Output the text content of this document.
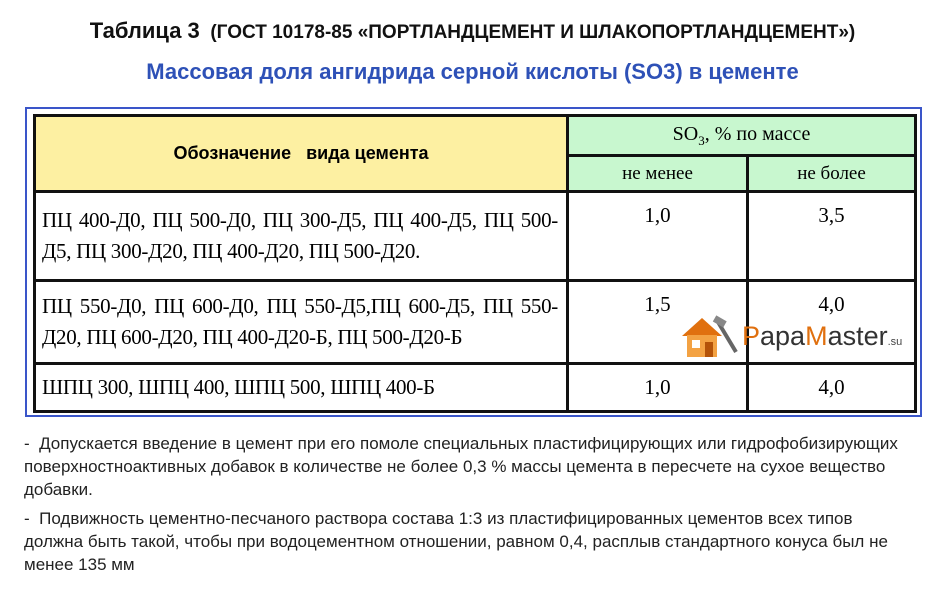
Таблица 3 (ГОСТ 10178-85 «ПОРТЛАНДЦЕМЕНТ И ШЛАКОПОРТЛАНДЦЕМЕНТ»)
Массовая доля ангидрида серной кислоты (SO3) в цементе
Обозначение   вида цемента	$SO_3$, % по массе	
	не менее	не более
ПЦ 400-Д0, ПЦ 500-Д0, ПЦ 300-Д5, ПЦ 400-Д5, ПЦ 500-Д5, ПЦ 300-Д20, ПЦ 400-Д20, ПЦ 500-Д20.	1,0	3,5

ПЦ 550-Д0, ПЦ 600-Д0, ПЦ 550-Д5,ПЦ 600-Д5, ПЦ 550-Д20, ПЦ 600-Д20, ПЦ 400-Д20-Б, ПЦ 500-Д20-Б	1,5	4,0

ШПЦ 300, ШПЦ 400, ШПЦ 500, ШПЦ 400-Б	1,0	4,0
PapaMaster.su
-  Допускается введение в цемент при его помоле специальных пластифицирующих или гидрофобизирующих поверхностноактивных добавок в количестве не более 0,3 % массы цемента в пересчете на сухое вещество добавки.
-  Подвижность цементно-песчаного раствора состава 1:3 из пластифицированных цементов всех типов должна быть такой, чтобы при водоцементном отношении, равном 0,4, расплыв стандартного конуса был не менее 135 мм
